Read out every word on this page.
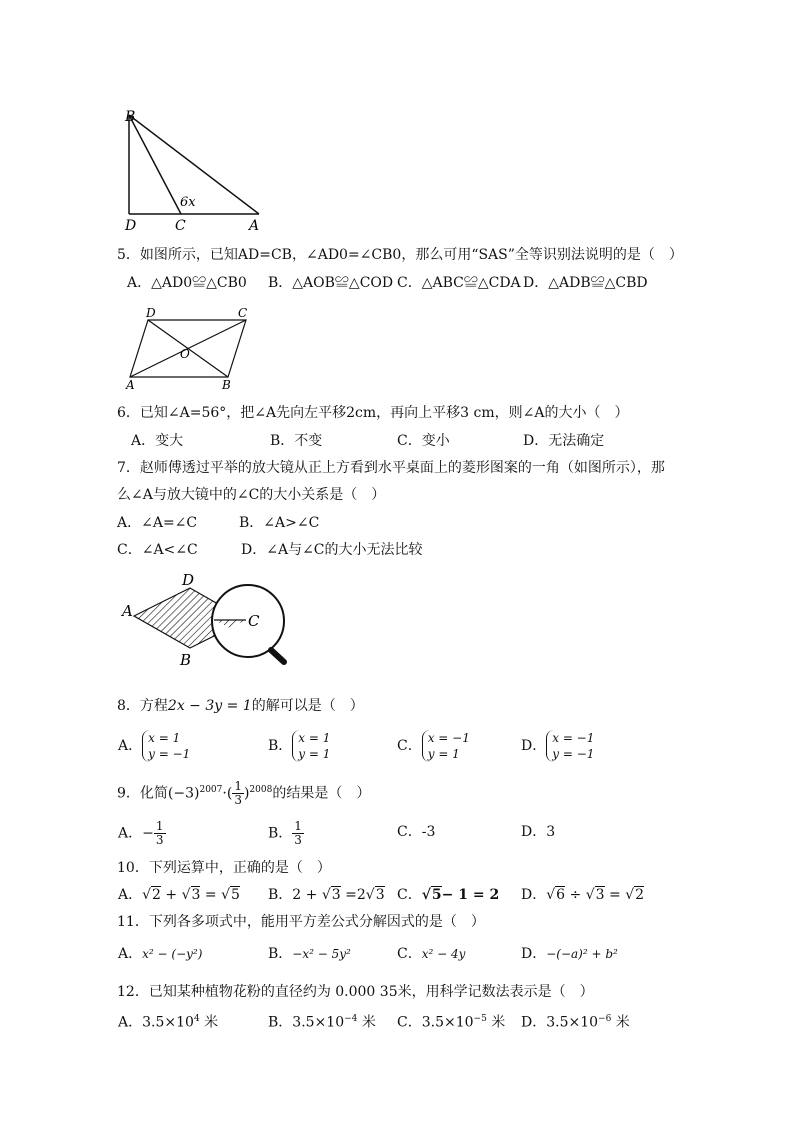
B
D	C	A
6x
5．如图所示，已知AD=CB，∠AD0=∠CB0，那么可用“SAS”全等识别法说明的是（　）
A．△AD0≌△CB0 B．△AOB≌△COD C．△ABC≌△CDA D．△ADB≌△CBD
D	C
O
A	B
6．已知∠A=56°，把∠A先向左平移2cm，再向上平移3 cm，则∠A的大小（　）
A．变大	B．不变	C．变小	D．无法确定
7．赵师傅透过平举的放大镜从正上方看到水平桌面上的菱形图案的一角（如图所示），那
么∠A与放大镜中的∠C的大小关系是（　）
A．∠A=∠C	B．∠A>∠C
C．∠A<∠C	D．∠A与∠C的大小无法比较
A
D
B
C
8．方程2x − 3y = 1的解可以是（　）
A． x = 1
y = −1	B． x = 1
y = 1	C． x = −1
y = 1	D． x = −1
y = −1
9．化简$(-3)^{2007}\cdot( \frac{1}{3} )^{2008}$的结果是（　）
A．− $\frac{1}{3}$	B． $\frac{1}{3}$	C．-3	D．3
10．下列运算中，正确的是（　）
A．√2 + √3 = √5 B．2 + √3 =2√3 C．√5− 1 = 2 D．√6 ÷ √3 = √2
11．下列各多项式中，能用平方差公式分解因式的是（　）
A．x² − (−y²)	B．−x² − 5y²	C．x² − 4y	D．−(−a)² + b²
12．已知某种植物花粉的直径约为 0.000 35米，用科学记数法表示是（　）
A．$3.5\times 10^4$ 米	B．$3.5\times 10^{-4}$ 米 C．$3.5\times 10^{-5}$ 米 D．$3.5\times 10^{-6}$ 米
